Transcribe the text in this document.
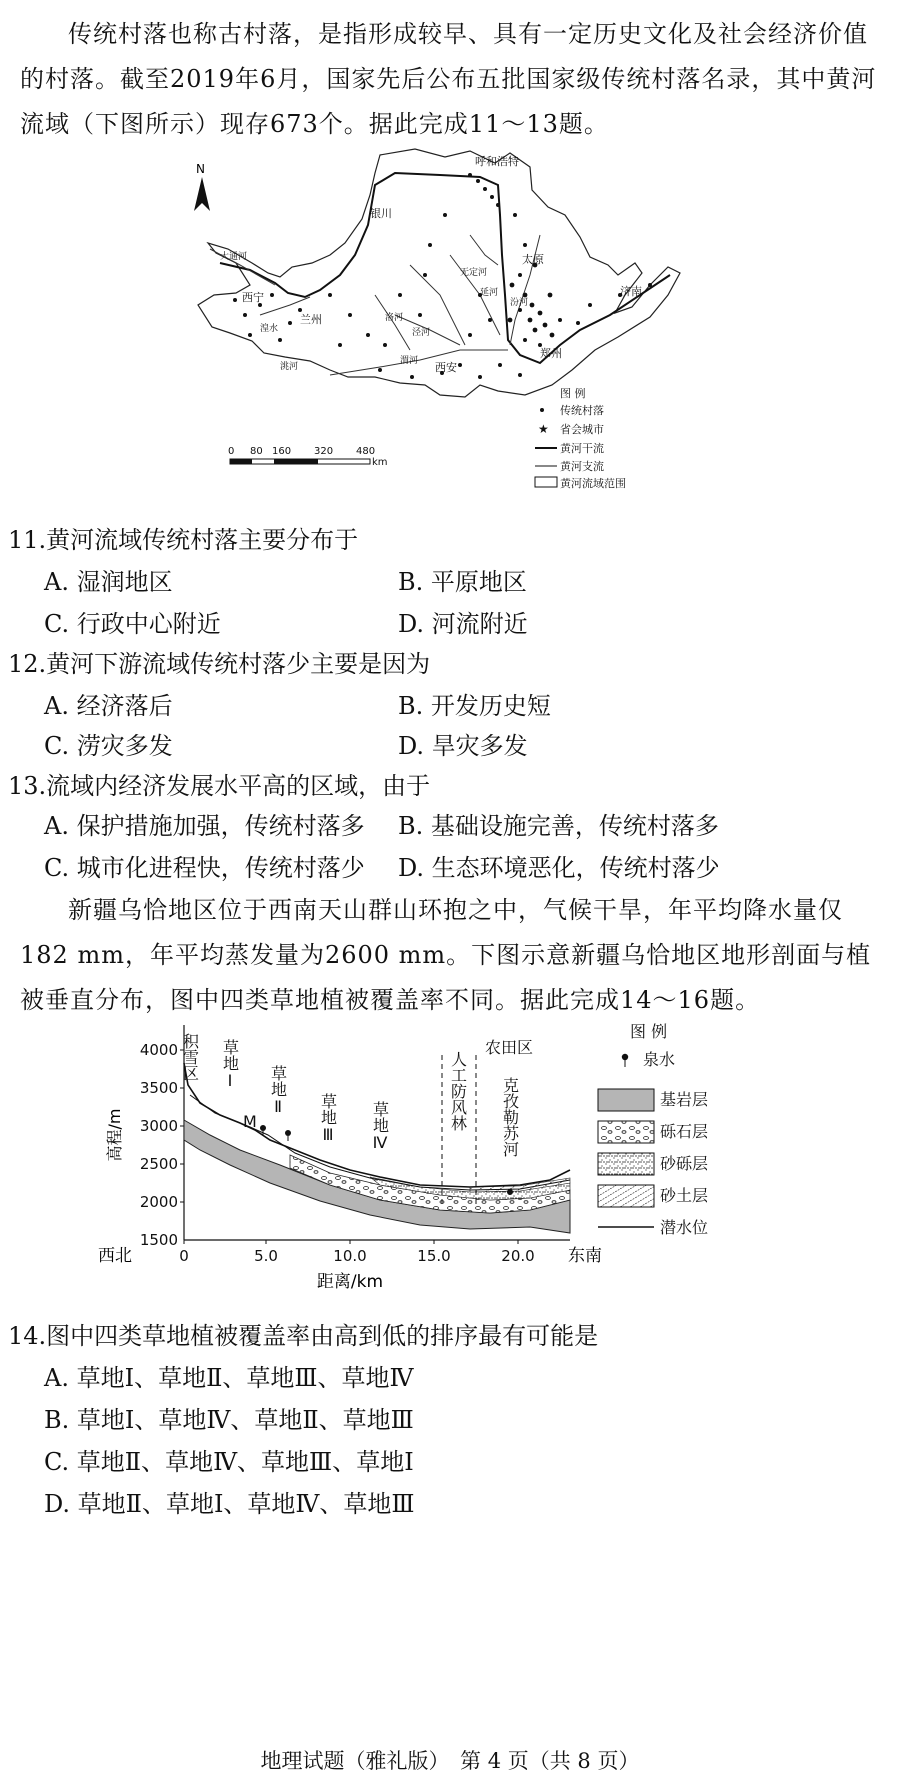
传统村落也称古村落，是指形成较早、具有一定历史文化及社会经济价值的村落。截至2019年6月，国家先后公布五批国家级传统村落名录，其中黄河流域（下图所示）现存673个。据此完成11～13题。
N
呼和浩特
银川
太原
济南
西宁
兰州
郑州
西安
大通河
湟水
洮河
渭河
泾河
汾河
延河
无定河
洛河
图 例
传统村落
★ 省会城市
黄河干流
黄河支流
黄河流域范围
0 80 160 320 480
km
11.黄河流域传统村落主要分布于
A. 湿润地区	B. 平原地区
C. 行政中心附近	D. 河流附近
12.黄河下游流域传统村落少主要是因为
A. 经济落后	B. 开发历史短
C. 涝灾多发	D. 旱灾多发
13.流域内经济发展水平高的区域，由于
A. 保护措施加强，传统村落多 B. 基础设施完善，传统村落多
C. 城市化进程快，传统村落少 D. 生态环境恶化，传统村落少
新疆乌恰地区位于西南天山群山环抱之中，气候干旱，年平均降水量仅182 mm，年平均蒸发量为2600 mm。下图示意新疆乌恰地区地形剖面与植被垂直分布，图中四类草地植被覆盖率不同。据此完成14～16题。
4000
3500
3000
2500
2000
1500
0	5.0	10.0	15.0	20.0
高程/m
距离/km
西北	东南
积雪区 草地Ⅰ
草地Ⅱ
草地Ⅲ 草地Ⅳ	人工防风林
农田区
克孜勒苏河
M
图 例
泉水
基岩层
砾石层
砂砾层
砂土层
潜水位
14.图中四类草地植被覆盖率由高到低的排序最有可能是
A. 草地Ⅰ、草地Ⅱ、草地Ⅲ、草地Ⅳ
B. 草地Ⅰ、草地Ⅳ、草地Ⅱ、草地Ⅲ
C. 草地Ⅱ、草地Ⅳ、草地Ⅲ、草地Ⅰ
D. 草地Ⅱ、草地Ⅰ、草地Ⅳ、草地Ⅲ
地理试题（雅礼版）　第 4 页（共 8 页）
